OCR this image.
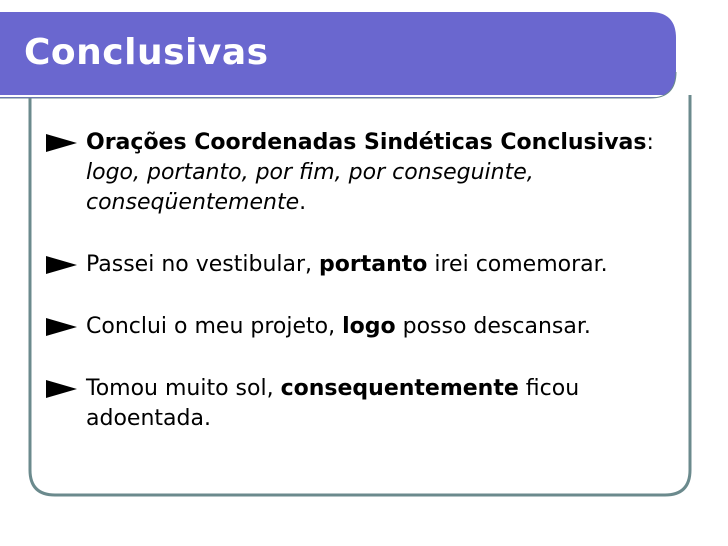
Conclusivas
Orações Coordenadas Sindéticas Conclusivas: logo, portanto, por fim, por conseguinte, conseqüentemente.
Passei no vestibular, portanto irei comemorar.
Conclui o meu projeto, logo posso descansar.
Tomou muito sol, consequentemente ficou adoentada.
